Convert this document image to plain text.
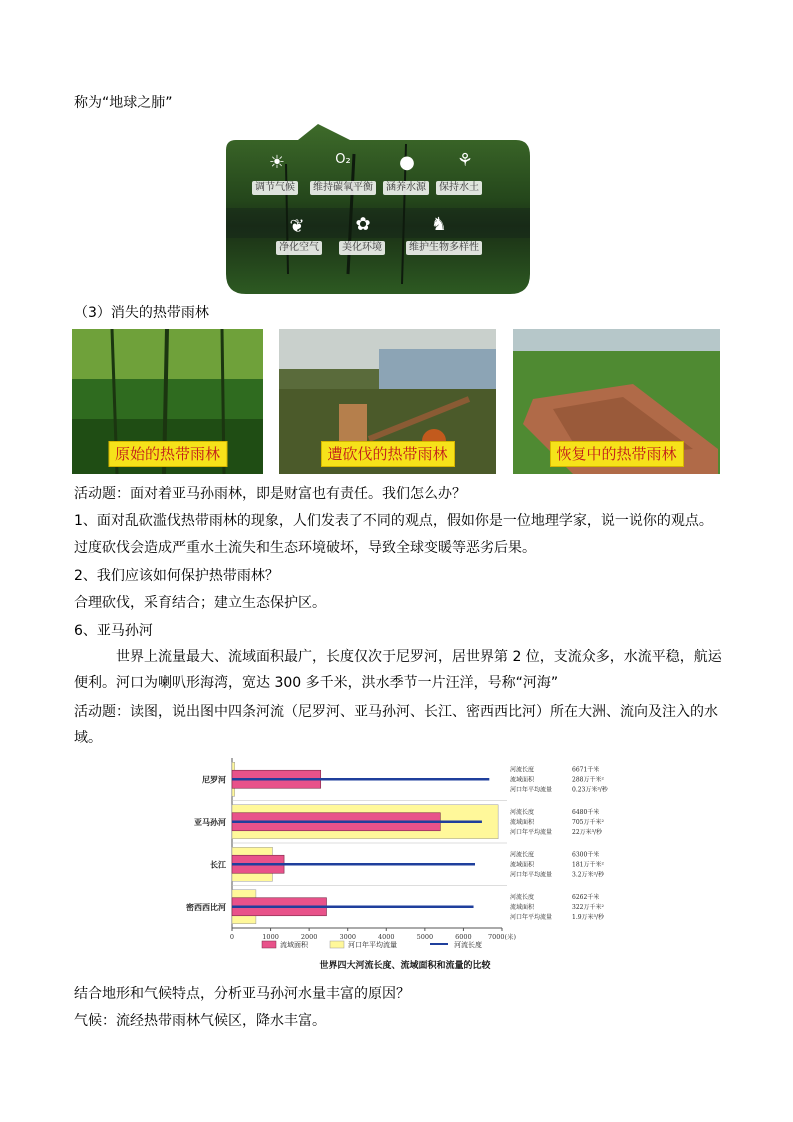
称为“地球之肺”
☀	O₂	●	⚘
调节气候	维持碳氧平衡	涵养水源	保持水土
❦	✿	♞
净化空气	美化环境	维护生物多样性
（3）消失的热带雨林
原始的热带雨林	遭砍伐的热带雨林	恢复中的热带雨林
活动题：面对着亚马孙雨林，即是财富也有责任。我们怎么办？
1、面对乱砍滥伐热带雨林的现象，人们发表了不同的观点，假如你是一位地理学家，说一说你的观点。
过度砍伐会造成严重水土流失和生态环境破坏，导致全球变暖等恶劣后果。
2、我们应该如何保护热带雨林？
合理砍伐，采育结合；建立生态保护区。
6、亚马孙河
世界上流量最大、流域面积最广，长度仅次于尼罗河，居世界第 2 位，支流众多，水流平稳，航运便利。河口为喇叭形海湾，宽达 300 多千米，洪水季节一片汪洋，号称“河海”
活动题：读图，说出图中四条河流（尼罗河、亚马孙河、长江、密西西比河）所在大洲、流向及注入的水域。
0	1000	2000	3000	4000	5000	6000 7000(米)
尼罗河
河流长度	6671千米
流域面积	288万千米²
河口年平均流量	0.23万米³/秒
亚马孙河
河流长度	6480千米
流域面积	705万千米²
河口年平均流量	22万米³/秒
长江
河流长度	6300千米
流域面积	181万千米²
河口年平均流量	3.2万米³/秒
密西西比河
河流长度	6262千米
流域面积	322万千米²
河口年平均流量	1.9万米³/秒
流域面积	河口年平均流量	河流长度
世界四大河流长度、流域面积和流量的比较
结合地形和气候特点，分析亚马孙河水量丰富的原因？
气候：流经热带雨林气候区，降水丰富。
